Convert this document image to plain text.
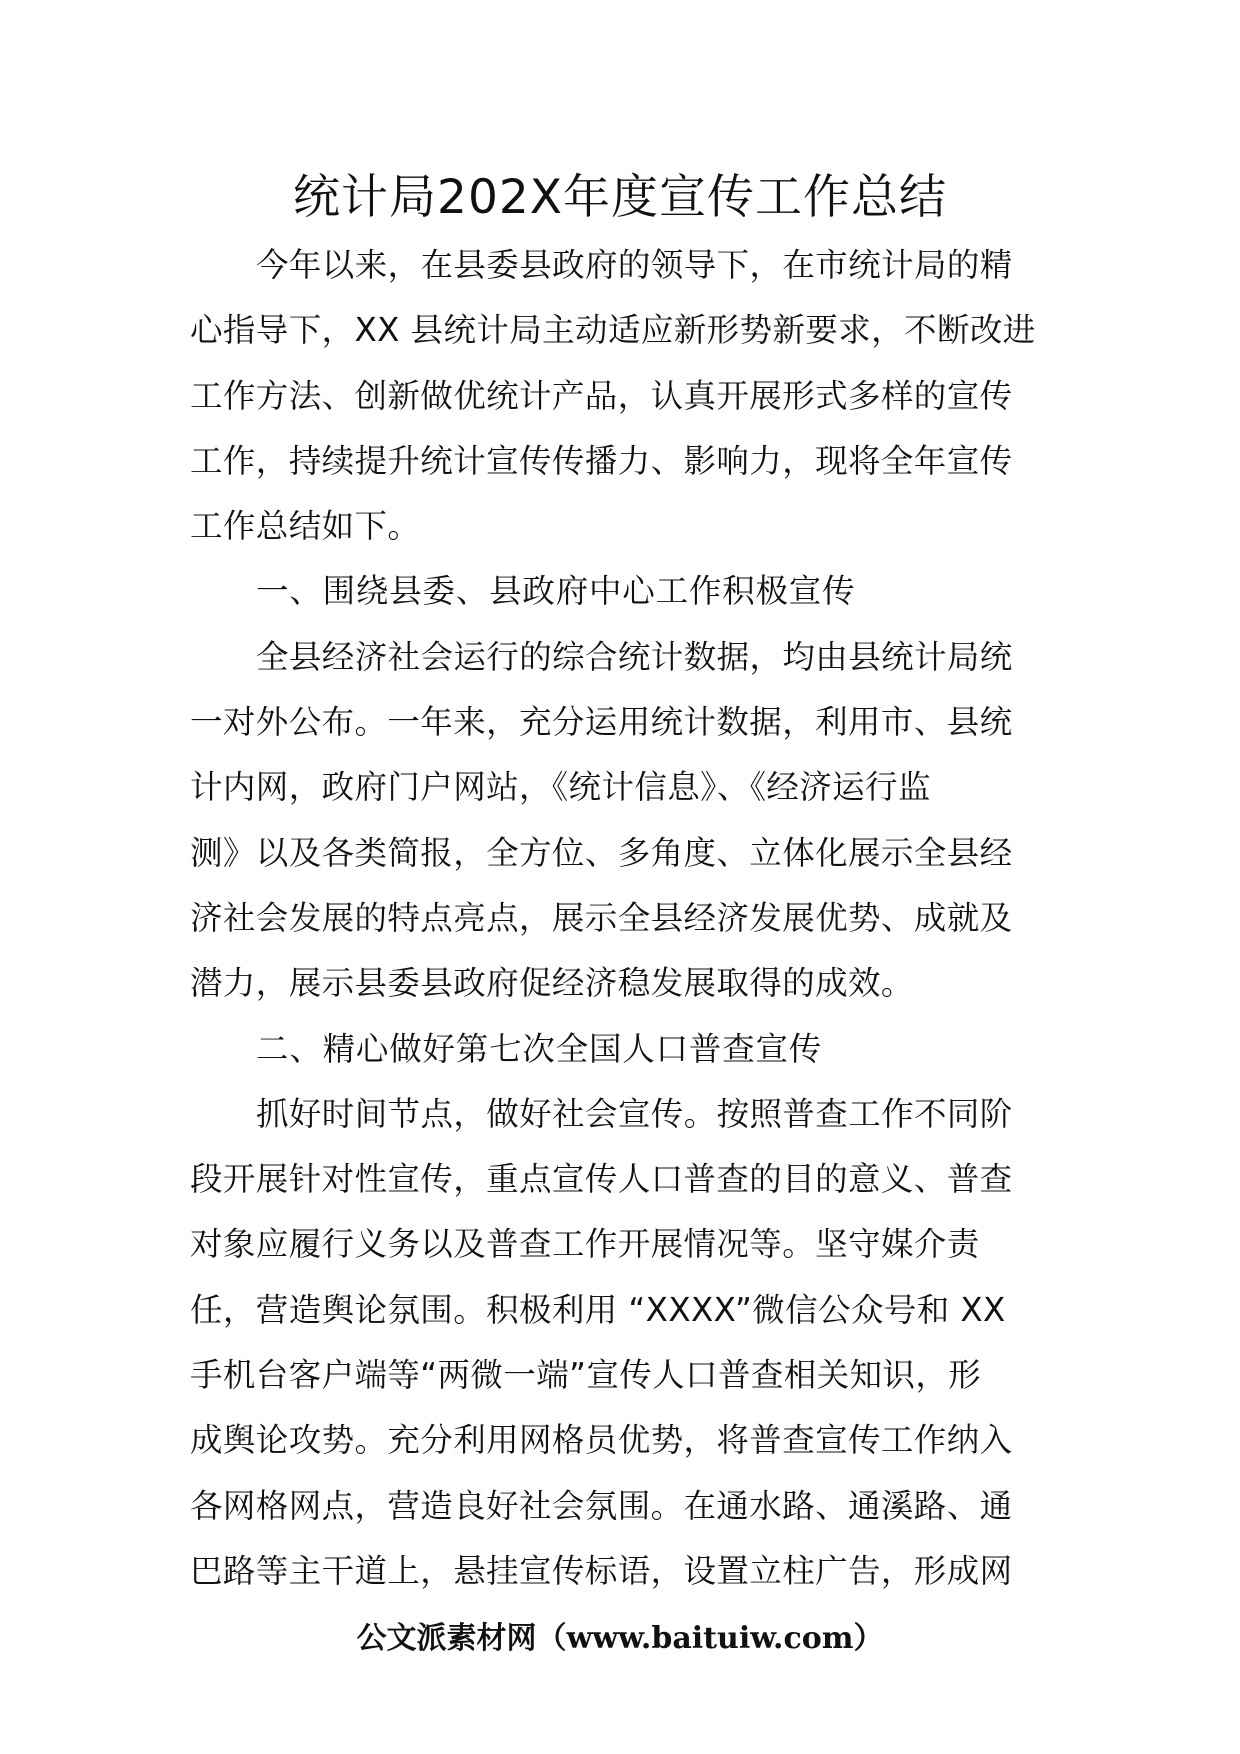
统计局202X年度宣传工作总结
今年以来，在县委县政府的领导下，在市统计局的精
心指导下，XX 县统计局主动适应新形势新要求，不断改进
工作方法、创新做优统计产品，认真开展形式多样的宣传
工作，持续提升统计宣传传播力、影响力，现将全年宣传
工作总结如下。
一、围绕县委、县政府中心工作积极宣传
全县经济社会运行的综合统计数据，均由县统计局统
一对外公布。一年来，充分运用统计数据，利用市、县统
计内网，政府门户网站，《统计信息》、《经济运行监
测》以及各类简报，全方位、多角度、立体化展示全县经
济社会发展的特点亮点，展示全县经济发展优势、成就及
潜力，展示县委县政府促经济稳发展取得的成效。
二、精心做好第七次全国人口普查宣传
抓好时间节点，做好社会宣传。按照普查工作不同阶
段开展针对性宣传，重点宣传人口普查的目的意义、普查
对象应履行义务以及普查工作开展情况等。坚守媒介责
任，营造舆论氛围。积极利用 “XXXX”微信公众号和 XX
手机台客户端等“两微一端”宣传人口普查相关知识，形
成舆论攻势。充分利用网格员优势，将普查宣传工作纳入
各网格网点，营造良好社会氛围。在通水路、通溪路、通
巴路等主干道上，悬挂宣传标语，设置立柱广告，形成网
公文派素材网（www.baituiw.com）
